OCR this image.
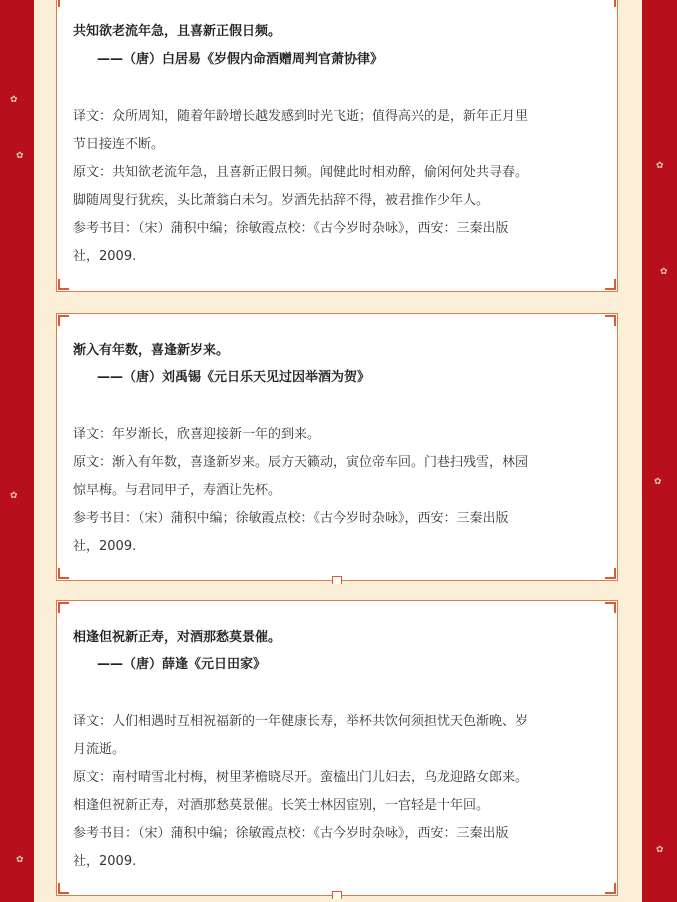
✿
✿
✿
✿
✿
✿
✿
✿
共知欲老流年急，且喜新正假日频。
——（唐）白居易《岁假内命酒赠周判官萧协律》
译文：众所周知，随着年龄增长越发感到时光飞逝；值得高兴的是，新年正月里
节日接连不断。
原文：共知欲老流年急，且喜新正假日频。闻健此时相劝醉，偷闲何处共寻春。
脚随周叟行犹疾，头比萧翁白未匀。岁酒先拈辞不得，被君推作少年人。
参考书目：（宋）蒲积中编；徐敏霞点校：《古今岁时杂咏》，西安：三秦出版
社，2009.
渐入有年数，喜逢新岁来。
——（唐）刘禹锡《元日乐天见过因举酒为贺》
译文：年岁渐长，欣喜迎接新一年的到来。
原文：渐入有年数，喜逢新岁来。辰方天籁动，寅位帝车回。门巷扫残雪，林园
惊早梅。与君同甲子，寿酒让先杯。
参考书目：（宋）蒲积中编；徐敏霞点校：《古今岁时杂咏》，西安：三秦出版
社，2009.
相逢但祝新正寿，对酒那愁莫景催。
——（唐）薛逢《元日田家》
译文：人们相遇时互相祝福新的一年健康长寿，举杯共饮何须担忧天色渐晚、岁
月流逝。
原文：南村晴雪北村梅，树里茅檐晓尽开。蛮榼出门儿妇去，乌龙迎路女郎来。
相逢但祝新正寿，对酒那愁莫景催。长笑士林因宦别，一官轻是十年回。
参考书目：（宋）蒲积中编；徐敏霞点校：《古今岁时杂咏》，西安：三秦出版
社，2009.
